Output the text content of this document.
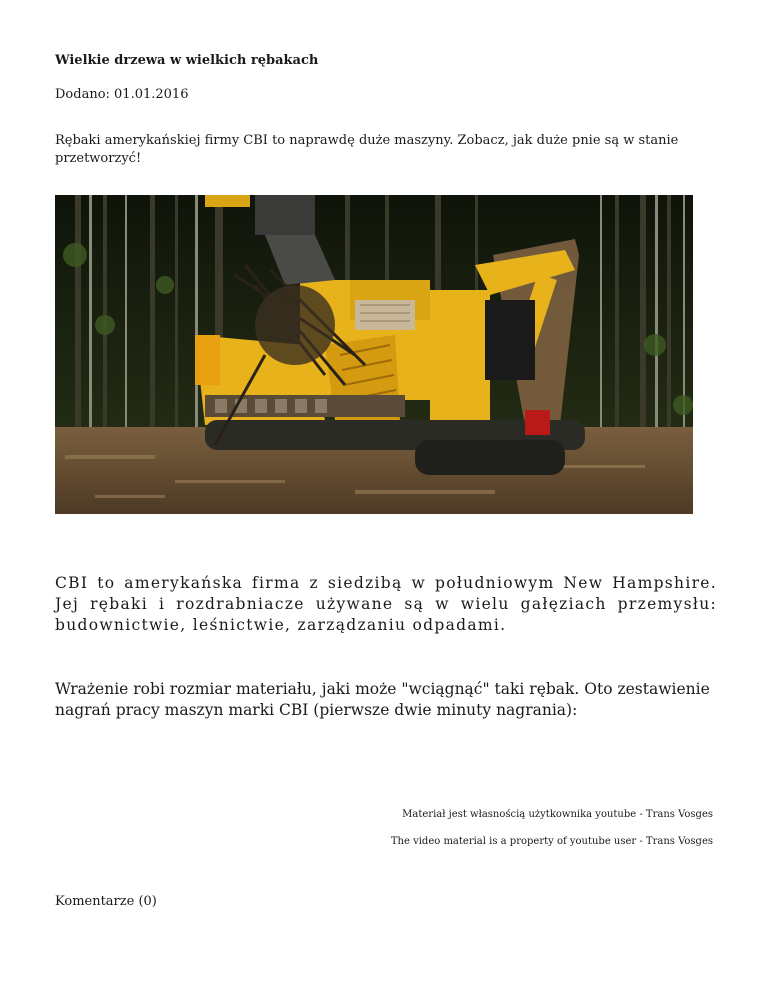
Wielkie drzewa w wielkich rębakach
Dodano: 01.01.2016
Rębaki amerykańskiej firmy CBI to naprawdę duże maszyny. Zobacz, jak duże pnie są w stanie przetworzyć!
CBI to amerykańska firma z siedzibą w południowym New Hampshire. Jej rębaki i rozdrabniacze używane są w wielu gałęziach przemysłu: budownictwie, leśnictwie, zarządzaniu odpadami.
Wrażenie robi rozmiar materiału, jaki może "wciągnąć" taki rębak. Oto zestawienie nagrań pracy maszyn marki CBI (pierwsze dwie minuty nagrania):
Materiał jest własnością użytkownika youtube - Trans Vosges
The video material is a property of youtube user - Trans Vosges
Komentarze (0)
